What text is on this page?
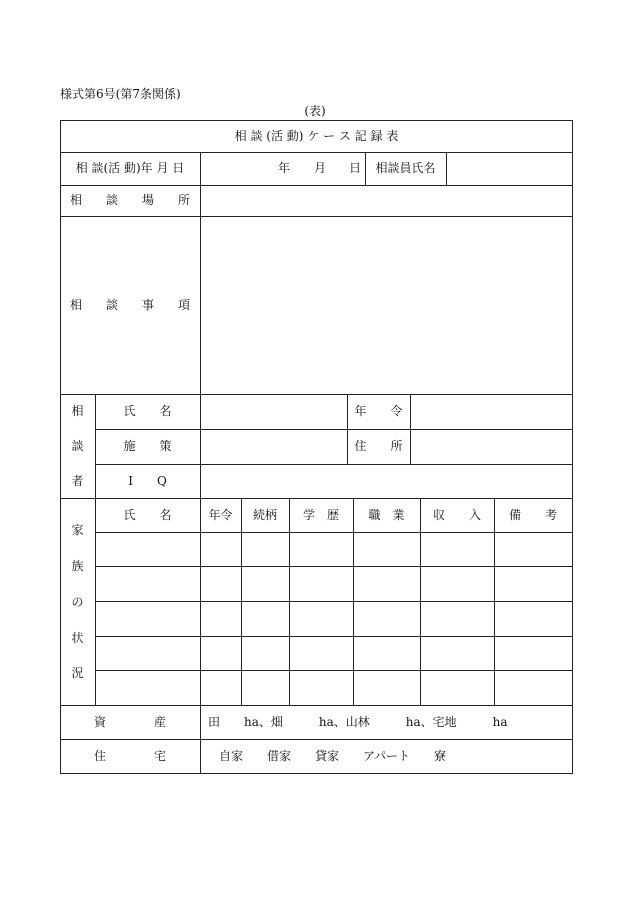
様式第6号(第7条関係)
(表)
相 談 (活 動) ケ ー ス 記 録 表
相 談(活 動)年 月 日	年 月 日	相談員氏名
相　　談　　場　　所
相　　談　　事　　項
相
談
者
氏　　名	年　　令
施　　策	住　　所
I　　Q
家
族
の
状
況
氏　　名	年令	続柄	学　歴	職　業	収　　入	備　　考
資　　　　産	田　　ha、畑　　　ha、山林　　　ha、宅地　　　ha
住　　　　宅	自家　　借家　　貸家　　アパート　　寮
